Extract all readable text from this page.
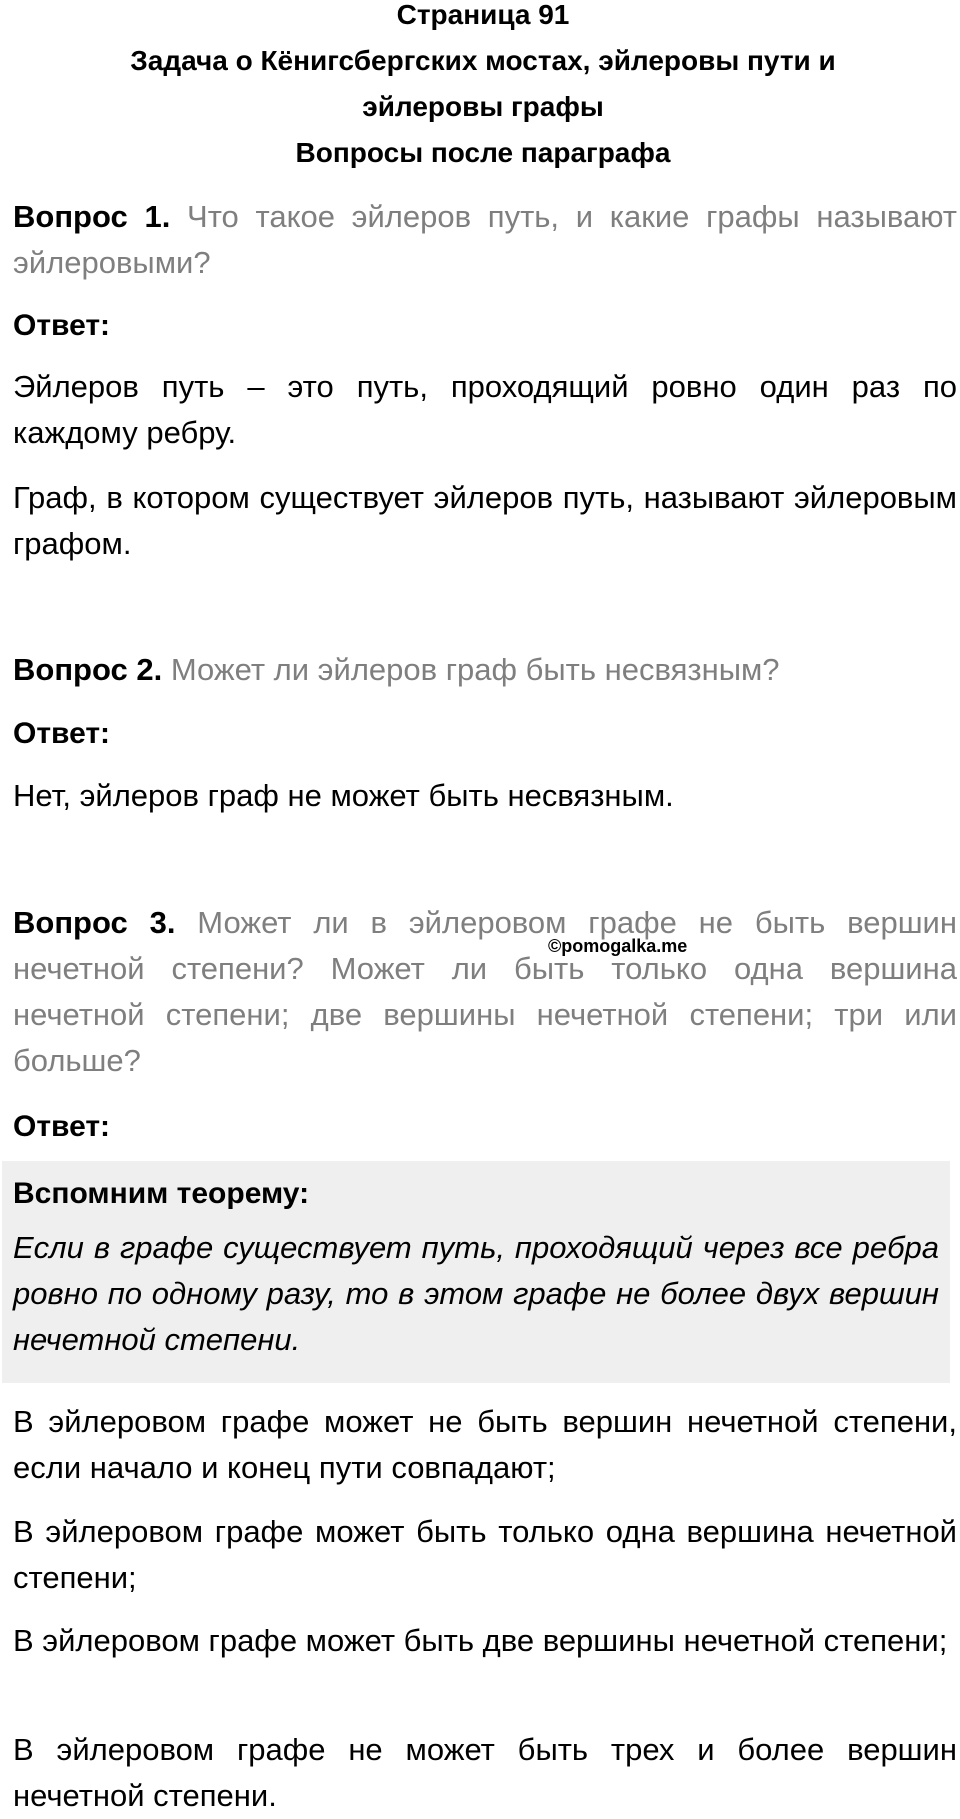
Страница 91
Задача о Кёнигсбергских мостах, эйлеровы пути и
эйлеровы графы
Вопросы после параграфа

Вопрос 1. Что такое эйлеров путь, и какие графы называют эйлеровыми?

Ответ:

Эйлеров путь – это путь, проходящий ровно один раз по каждому ребру.

Граф, в котором существует эйлеров путь, называют эйлеровым графом.

Вопрос 2. Может ли эйлеров граф быть несвязным?

Ответ:

Нет, эйлеров граф не может быть несвязным.

Вопрос 3. Может ли в эйлеровом графе не быть вершин нечетной степени? Может ли быть только одна вершина нечетной степени; две вершины нечетной степени; три или больше?

Ответ:

В эйлеровом графе может не быть вершин нечетной степени, если начало и конец пути совпадают;

В эйлеровом графе может быть только одна вершина нечетной степени;

В эйлеровом графе может быть две вершины нечетной степени;

В эйлеровом графе не может быть трех и более вершин нечетной степени.

Вспомним теорему:

Если в графе существует путь, проходящий через все ребра ровно по одному разу, то в этом графе не более двух вершин нечетной степени.

©pomogalka.me
